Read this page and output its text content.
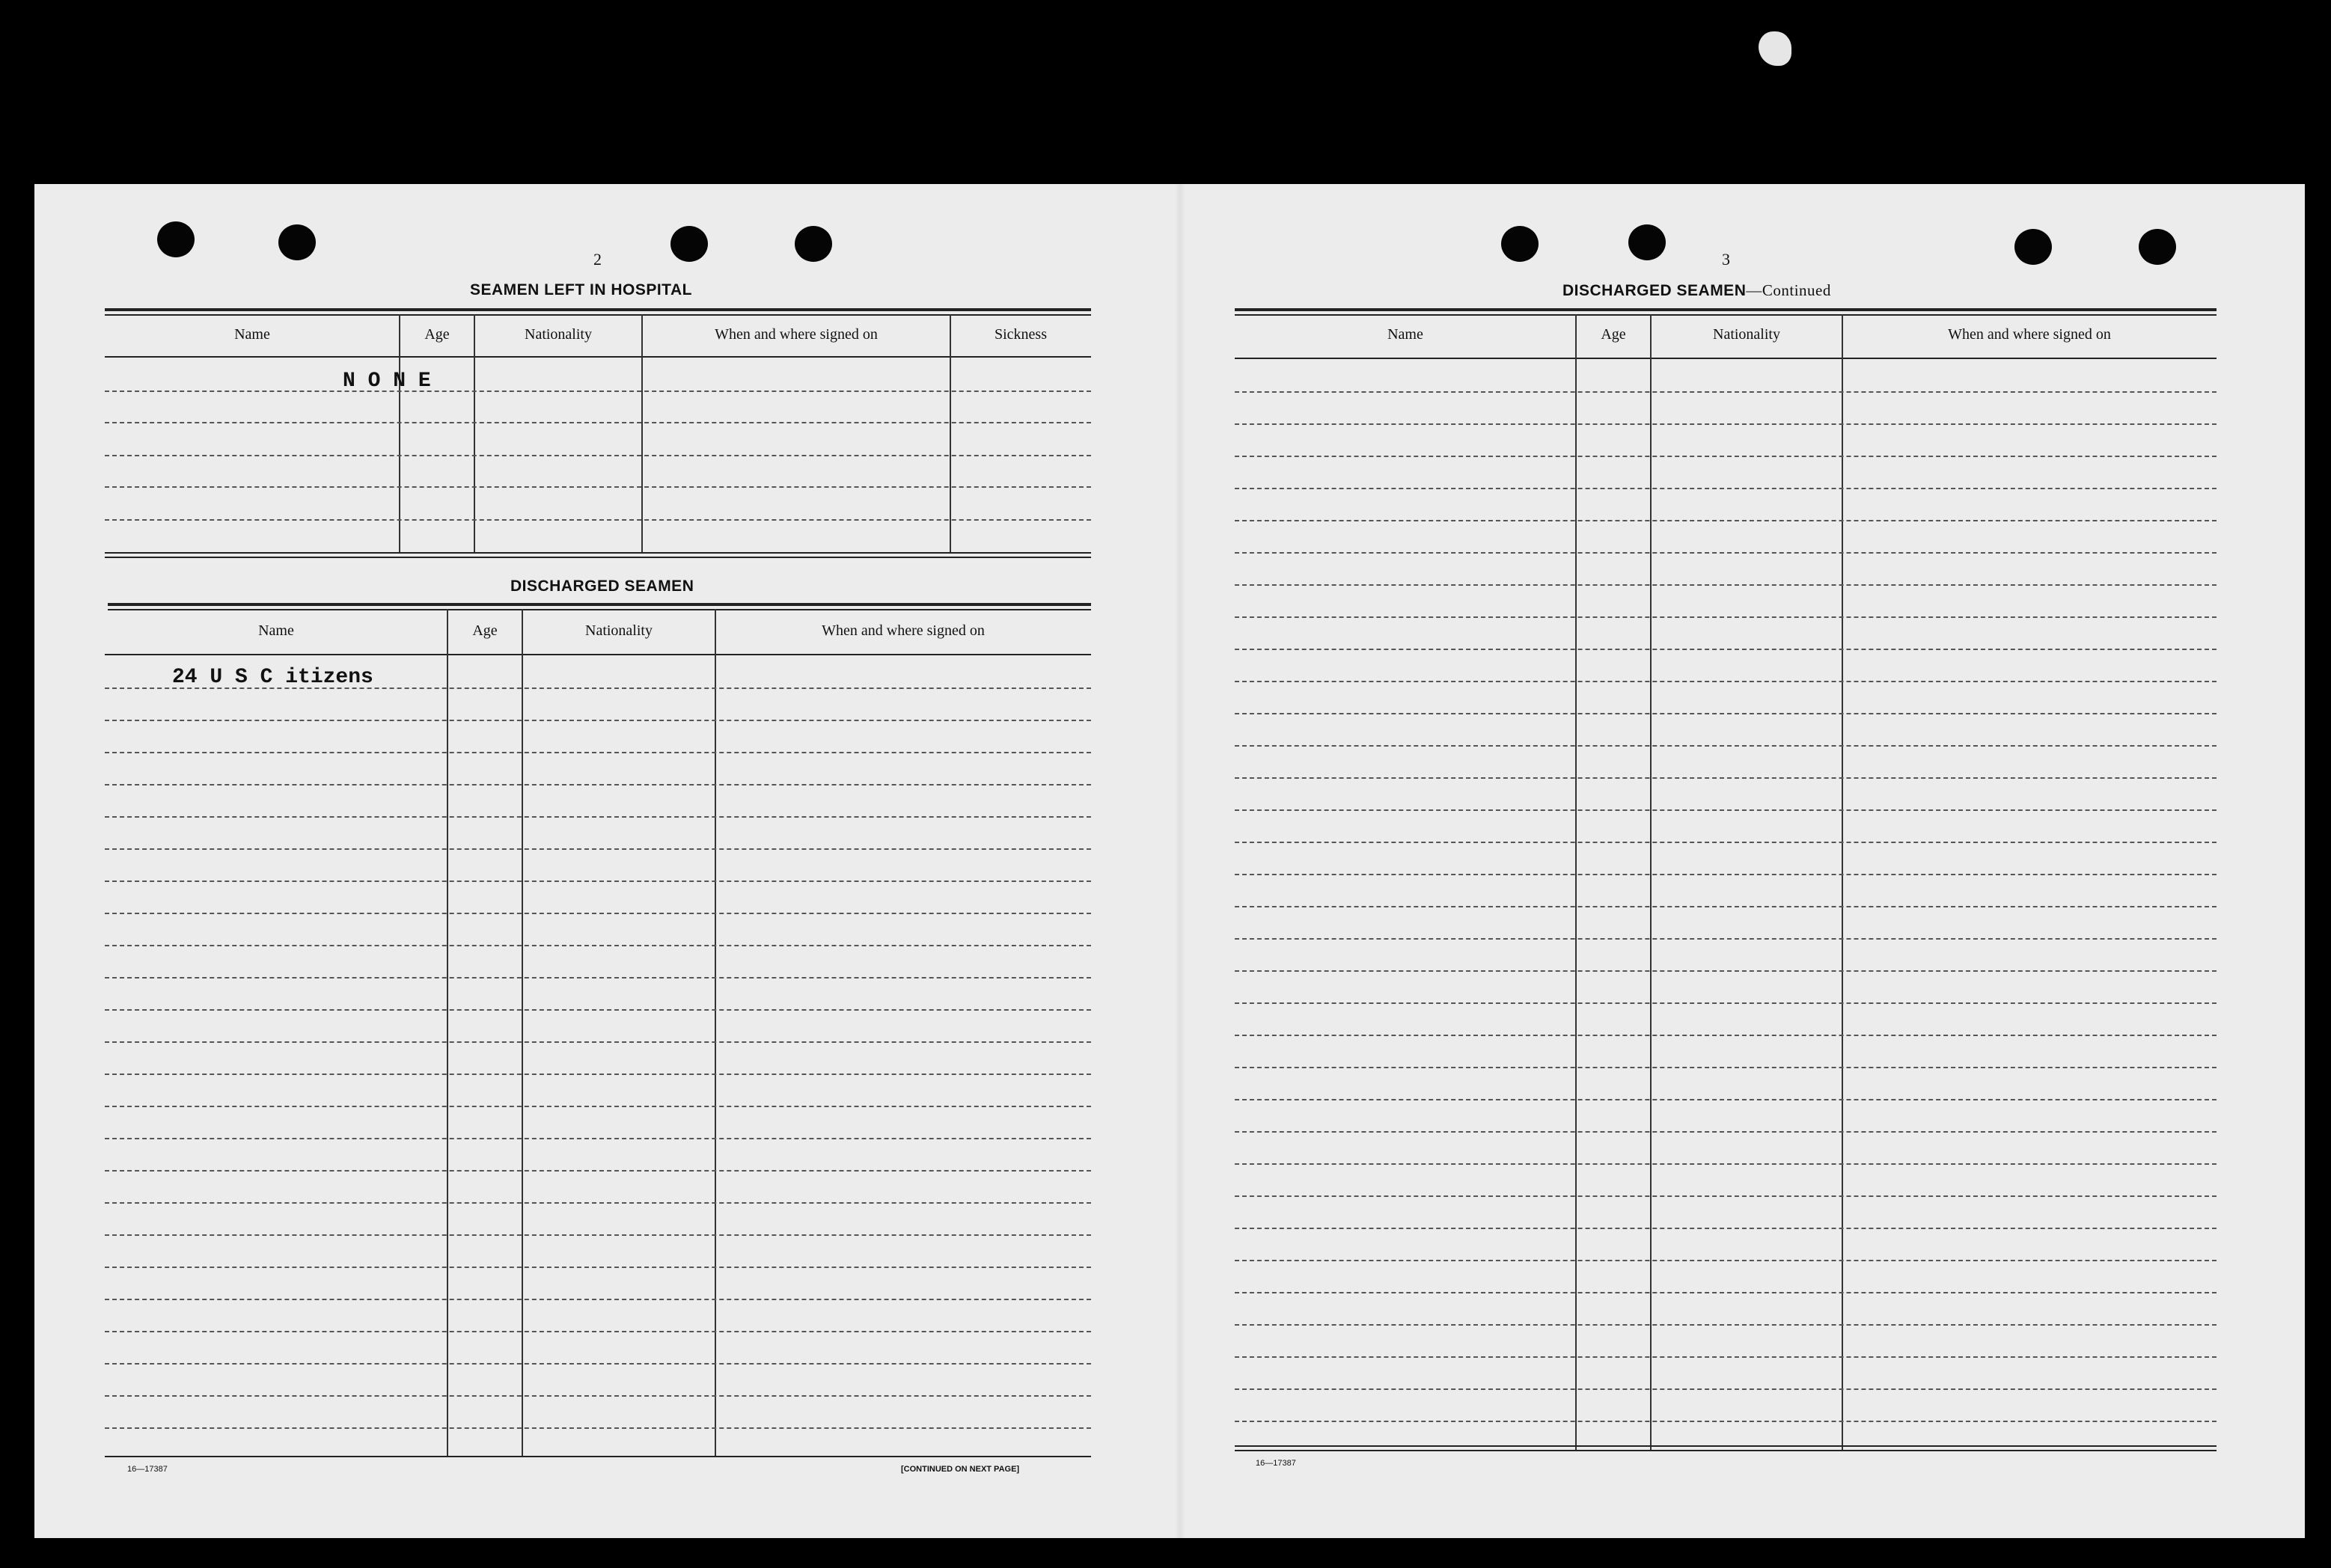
2
SEAMEN LEFT IN HOSPITAL
Name	Age	Nationality	When and where signed on	Sickness
N O N E
DISCHARGED SEAMEN
Name	Age	Nationality	When and where signed on
24 U S C itizens
16—17387	[CONTINUED ON NEXT PAGE]
3
DISCHARGED SEAMEN—Continued
Name	Age	Nationality	When and where signed on
16—17387
